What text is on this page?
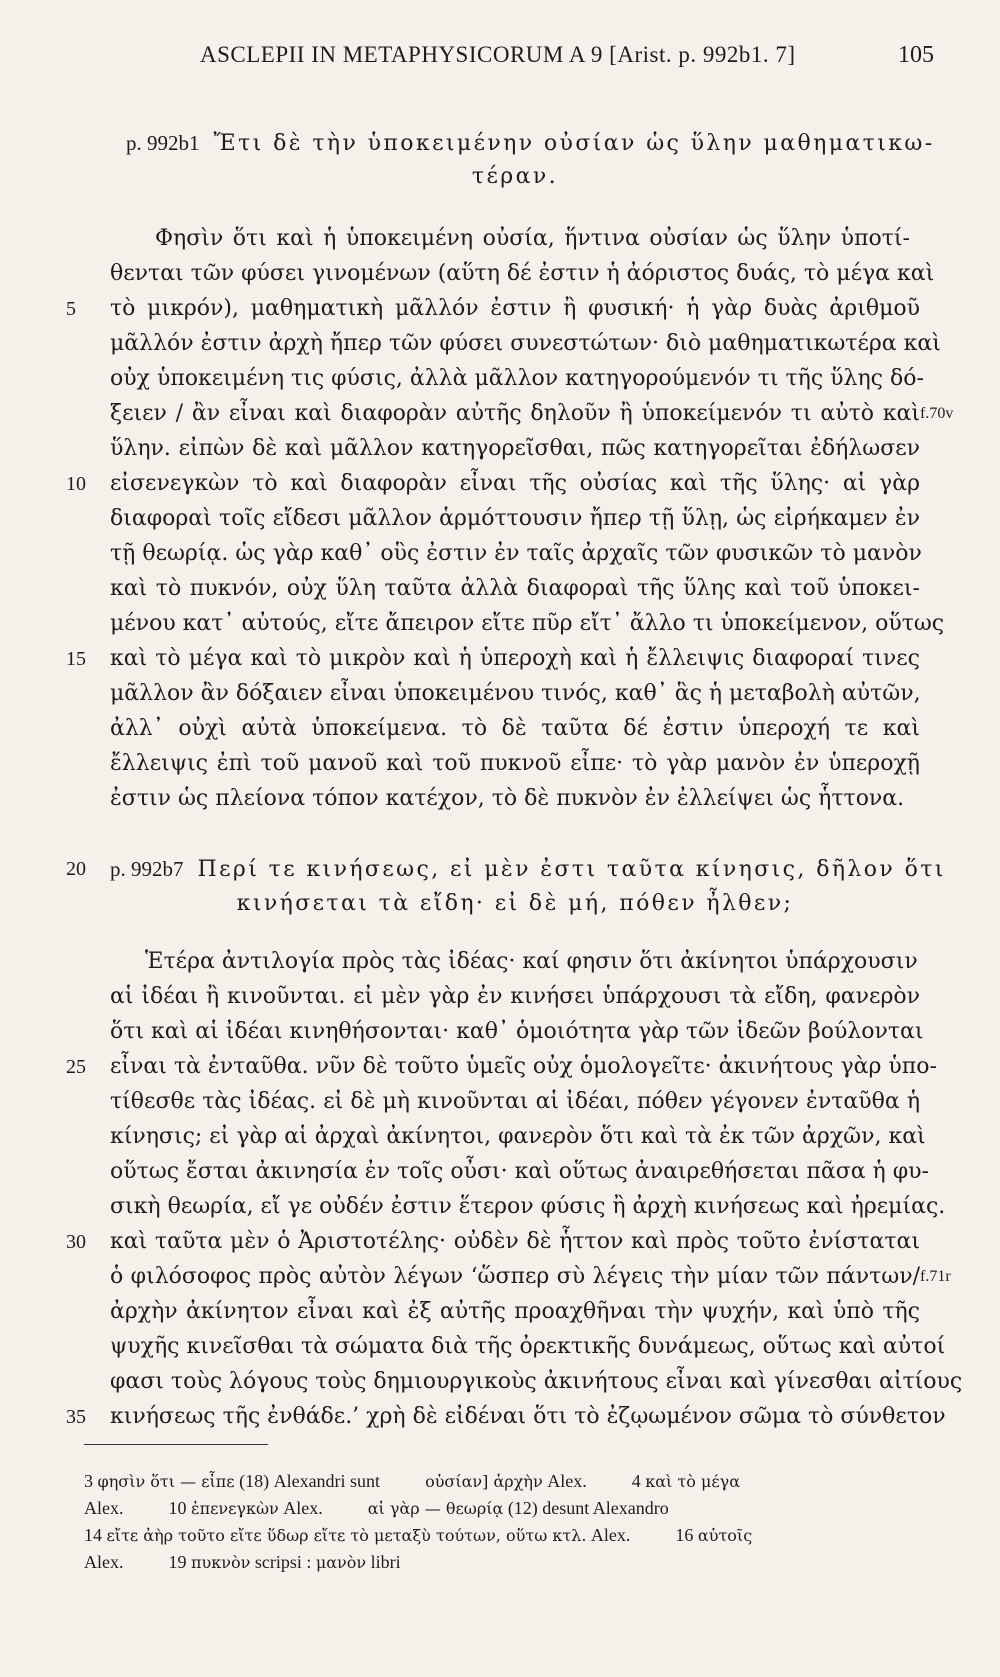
ASCLEPII IN METAPHYSICORUM A 9 [Arist. p. 992b1. 7]	105
p. 992b1 Ἔτι δὲ τὴν ὑποκειμένην οὐσίαν ὡς ὕλην μαθηματικω-
τέραν.
Φησὶν ὅτι καὶ ἡ ὑποκειμένη οὐσία, ἥντινα οὐσίαν ὡς ὕλην ὑποτί-
θενται τῶν φύσει γινομένων (αὕτη δέ ἐστιν ἡ ἀόριστος δυάς, τὸ μέγα καὶ
5	τὸ μικρόν), μαθηματικὴ μᾶλλόν ἐστιν ἢ φυσική· ἡ γὰρ δυὰς ἀριθμοῦ
μᾶλλόν ἐστιν ἀρχὴ ἤπερ τῶν φύσει συνεστώτων· διὸ μαθηματικωτέρα καὶ
οὐχ ὑποκειμένη τις φύσις, ἀλλὰ μᾶλλον κατηγορούμενόν τι τῆς ὕλης δό-
ξειεν / ἂν εἶναι καὶ διαφορὰν αὐτῆς δηλοῦν ἢ ὑποκείμενόν τι αὐτὸ καὶ f.70v
ὕλην. εἰπὼν δὲ καὶ μᾶλλον κατηγορεῖσθαι, πῶς κατηγορεῖται ἐδήλωσεν
10	εἰσενεγκὼν τὸ καὶ διαφορὰν εἶναι τῆς οὐσίας καὶ τῆς ὕλης· αἱ γὰρ
διαφοραὶ τοῖς εἴδεσι μᾶλλον ἁρμόττουσιν ἤπερ τῇ ὕλῃ, ὡς εἰρήκαμεν ἐν
τῇ θεωρίᾳ. ὡς γὰρ καθ᾽ οὓς ἐστιν ἐν ταῖς ἀρχαῖς τῶν φυσικῶν τὸ μανὸν
καὶ τὸ πυκνόν, οὐχ ὕλη ταῦτα ἀλλὰ διαφοραὶ τῆς ὕλης καὶ τοῦ ὑποκει-
μένου κατ᾽ αὐτούς, εἴτε ἄπειρον εἴτε πῦρ εἴτ᾽ ἄλλο τι ὑποκείμενον, οὕτως
15	καὶ τὸ μέγα καὶ τὸ μικρὸν καὶ ἡ ὑπεροχὴ καὶ ἡ ἔλλειψις διαφοραί τινες
μᾶλλον ἂν δόξαιεν εἶναι ὑποκειμένου τινός, καθ᾽ ἃς ἡ μεταβολὴ αὐτῶν,
ἀλλ᾽ οὐχὶ αὐτὰ ὑποκείμενα. τὸ δὲ ταῦτα δέ ἐστιν ὑπεροχή τε καὶ
ἔλλειψις ἐπὶ τοῦ μανοῦ καὶ τοῦ πυκνοῦ εἶπε· τὸ γὰρ μανὸν ἐν ὑπεροχῇ
ἐστιν ὡς πλείονα τόπον κατέχον, τὸ δὲ πυκνὸν ἐν ἐλλείψει ὡς ἧττονα.
20	p. 992b7 Περί τε κινήσεως, εἰ μὲν ἐστι ταῦτα κίνησις, δῆλον ὅτι
κινήσεται τὰ εἴδη· εἰ δὲ μή, πόθεν ἦλθεν;
Ἑτέρα ἀντιλογία πρὸς τὰς ἰδέας· καί φησιν ὅτι ἀκίνητοι ὑπάρχουσιν
αἱ ἰδέαι ἢ κινοῦνται. εἰ μὲν γὰρ ἐν κινήσει ὑπάρχουσι τὰ εἴδη, φανερὸν
ὅτι καὶ αἱ ἰδέαι κινηθήσονται· καθ᾽ ὁμοιότητα γὰρ τῶν ἰδεῶν βούλονται
25	εἶναι τὰ ἐνταῦθα. νῦν δὲ τοῦτο ὑμεῖς οὐχ ὁμολογεῖτε· ἀκινήτους γὰρ ὑπο-
τίθεσθε τὰς ἰδέας. εἰ δὲ μὴ κινοῦνται αἱ ἰδέαι, πόθεν γέγονεν ἐνταῦθα ἡ
κίνησις; εἰ γὰρ αἱ ἀρχαὶ ἀκίνητοι, φανερὸν ὅτι καὶ τὰ ἐκ τῶν ἀρχῶν, καὶ
οὕτως ἔσται ἀκινησία ἐν τοῖς οὖσι· καὶ οὕτως ἀναιρεθήσεται πᾶσα ἡ φυ-
σικὴ θεωρία, εἴ γε οὐδέν ἐστιν ἕτερον φύσις ἢ ἀρχὴ κινήσεως καὶ ἠρεμίας.
30	καὶ ταῦτα μὲν ὁ Ἀριστοτέλης· οὐδὲν δὲ ἧττον καὶ πρὸς τοῦτο ἐνίσταται
ὁ φιλόσοφος πρὸς αὐτὸν λέγων ‘ὥσπερ σὺ λέγεις τὴν μίαν τῶν πάντων/ f.71r
ἀρχὴν ἀκίνητον εἶναι καὶ ἐξ αὐτῆς προαχθῆναι τὴν ψυχήν, καὶ ὑπὸ τῆς
ψυχῆς κινεῖσθαι τὰ σώματα διὰ τῆς ὀρεκτικῆς δυνάμεως, οὕτως καὶ αὐτοί
φασι τοὺς λόγους τοὺς δημιουργικοὺς ἀκινήτους εἶναι καὶ γίνεσθαι αἰτίους
35	κινήσεως τῆς ἐνθάδε.’ χρὴ δὲ εἰδέναι ὅτι τὸ ἐζῳωμένον σῶμα τὸ σύνθετον
3 φησὶν ὅτι — εἶπε (18) Alexandri sunt	οὐσίαν] ἀρχὴν Alex.          4 καὶ τὸ μέγα
Alex.          10 ἐπενεγκὼν Alex.	αἱ γὰρ — θεωρίᾳ (12) desunt Alexandro
14 εἴτε ἀὴρ τοῦτο εἴτε ὕδωρ εἴτε τὸ μεταξὺ τούτων, οὕτω κτλ. Alex.	16 αὐτοῖς
Alex.          19 πυκνὸν scripsi : μανὸν libri
